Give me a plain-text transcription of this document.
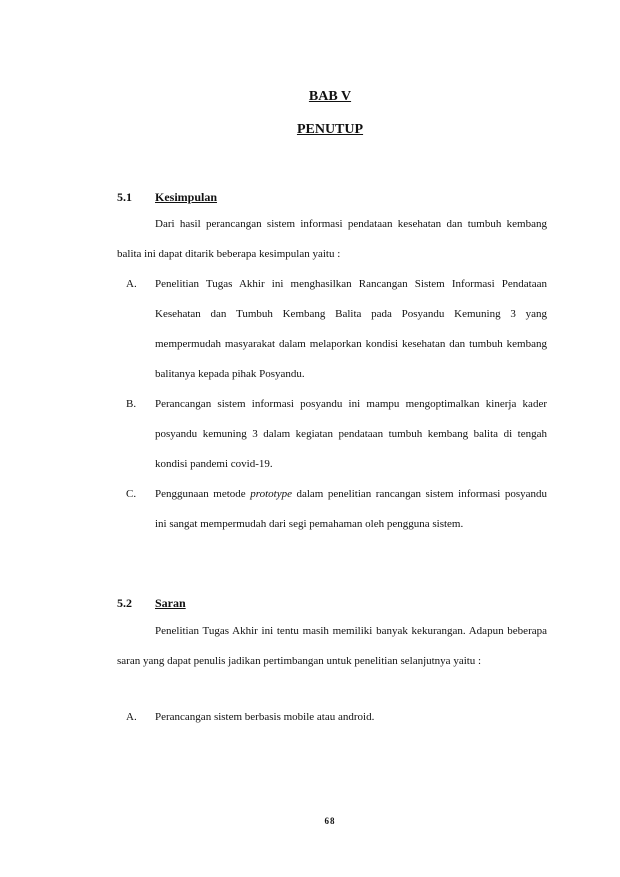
BAB V
PENUTUP
5.1 Kesimpulan

Dari hasil perancangan sistem informasi pendataan kesehatan dan tumbuh kembang balita ini dapat ditarik beberapa kesimpulan yaitu :

A. Penelitian Tugas Akhir ini menghasilkan Rancangan Sistem Informasi Pendataan Kesehatan dan Tumbuh Kembang Balita pada Posyandu Kemuning 3 yang mempermudah masyarakat dalam melaporkan kondisi kesehatan dan tumbuh kembang balitanya kepada pihak Posyandu.
B. Perancangan sistem informasi posyandu ini mampu mengoptimalkan kinerja kader posyandu kemuning 3 dalam kegiatan pendataan tumbuh kembang balita di tengah kondisi pandemi covid-19.
C. Penggunaan metode prototype dalam penelitian rancangan sistem informasi posyandu ini sangat mempermudah dari segi pemahaman oleh pengguna sistem.
5.2 Saran

Penelitian Tugas Akhir ini tentu masih memiliki banyak kekurangan. Adapun beberapa saran yang dapat penulis jadikan pertimbangan untuk penelitian selanjutnya yaitu :

A. Perancangan sistem berbasis mobile atau android.
68
